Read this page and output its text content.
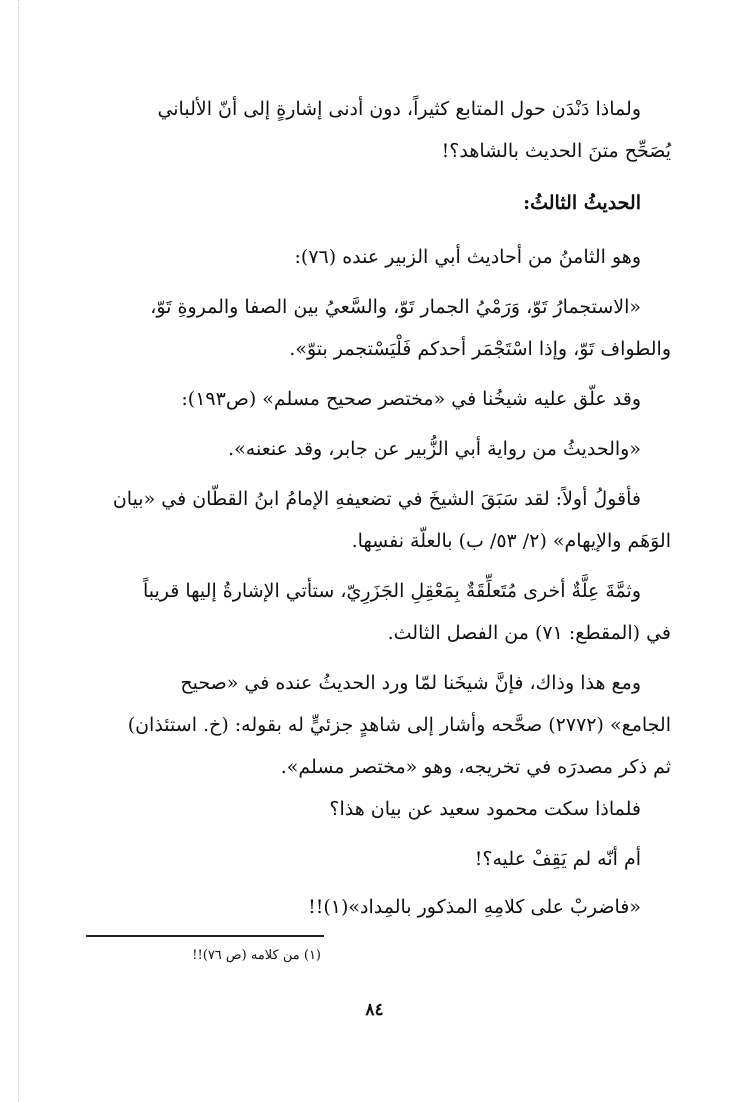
ولماذا دَنْدَن حول المتابع كثيراً، دون أدنى إشارةٍ إلى أنّ الألباني
يُصَحِّح متنَ الحديث بالشاهد؟!

الحديثُ الثالثُ:

وهو الثامنُ من أحاديث أبي الزبير عنده (٧٦):

«الاستجمارُ تَوّ، وَرَمْيُ الجمار تَوّ، والسَّعيُ بين الصفا والمروةِ تَوّ،
والطواف تَوّ، وإذا اسْتَجْمَر أحدكم فَلْيَسْتجمر بتوّ».

وقد علّق عليه شيخُنا في «مختصر صحيح مسلم» (ص١٩٣):

«والحديثُ من رواية أبي الزُّبير عن جابر، وقد عنعنه».

فأقولُ أولاً: لقد سَبَقَ الشيخَ في تضعيفهِ الإمامُ ابنُ القطّان في «بيان
الوَهَم والإيهام» (٢/ ٥٣/ ب) بالعلّة نفسِها.

وثمَّةَ عِلَّةٌ أخرى مُتَعلِّقَةٌ بِمَعْقِلِ الجَزَرِيّ، ستأتي الإشارةُ إليها قريباً
في (المقطع: ٧١) من الفصل الثالث.

ومع هذا وذاك، فإنَّ شيخَنا لمّا ورد الحديثُ عنده في «صحيح
الجامع» (٢٧٧٢) صحَّحه وأشار إلى شاهدٍ جزئيٍّ له بقوله: (خ. استئذان)
ثم ذكر مصدرَه في تخريجه، وهو «مختصر مسلم».

فلماذا سكت محمود سعيد عن بيان هذا؟

أم أنّه لم يَقِفْ عليه؟!

«فاضربْ على كلامِهِ المذكور بالمِداد»(١)!!

(١) من كلامه (ص ٧٦)!!
٨٤
